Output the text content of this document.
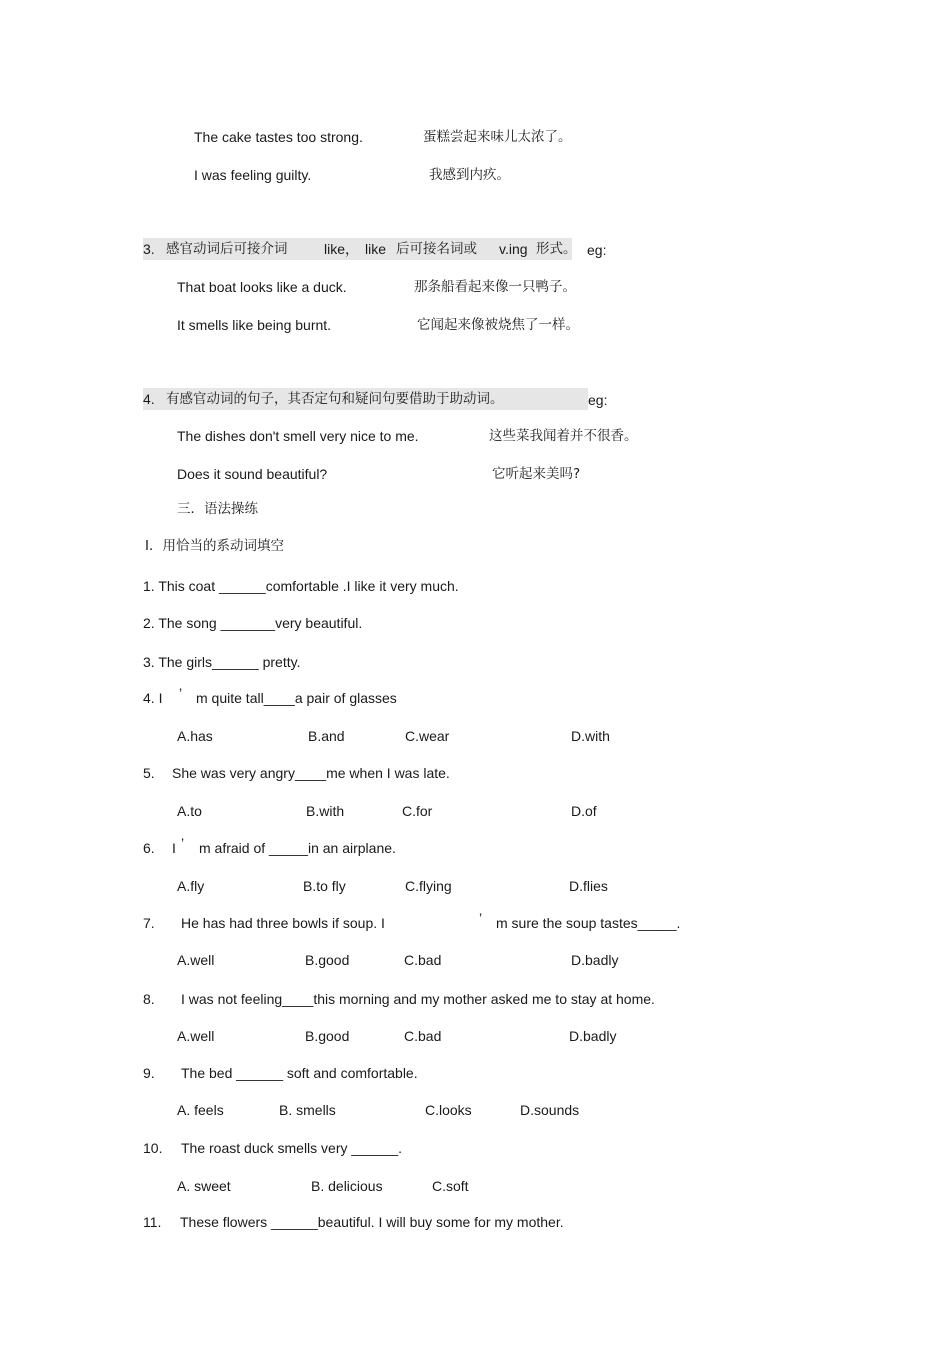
The cake tastes too strong.	蛋糕尝起来味儿太浓了。
I was feeling guilty.	我感到内疚。
3. 感官动词后可接介词	like， like 后可接名词或 v.ing 形式。 eg:
That boat looks like a duck.	那条船看起来像一只鸭子。
It smells like being burnt.	它闻起来像被烧焦了一样。
4. 有感官动词的句子，其否定句和疑问句要借助于助动词。	eg:
The dishes don't smell very nice to me.	这些菜我闻着并不很香。
Does it sound beautiful?	它听起来美吗?
三．语法操练
Ⅰ．用恰当的系动词填空
1. This coat ______comfortable .I like it very much.
2. The song _______very beautiful.
3. The girls______ pretty.
4. I ’ m quite tall____a pair of glasses
A.has	B.and	C.wear	D.with
5. She was very angry____me when I was late.
A.to	B.with	C.for	D.of
6. I ’ m afraid of _____in an airplane.
A.fly	B.to fly	C.flying	D.flies
7. He has had three bowls if soup. I	’ m sure the soup tastes_____.
A.well	B.good	C.bad	D.badly
8. I was not feeling____this morning and my mother asked me to stay at home.
A.well	B.good	C.bad	D.badly
9. The bed ______ soft and comfortable.
A. feels	B. smells	C.looks	D.sounds
10. The roast duck smells very ______.
A. sweet	B. delicious	C.soft
11. These flowers ______beautiful. I will buy some for my mother.
